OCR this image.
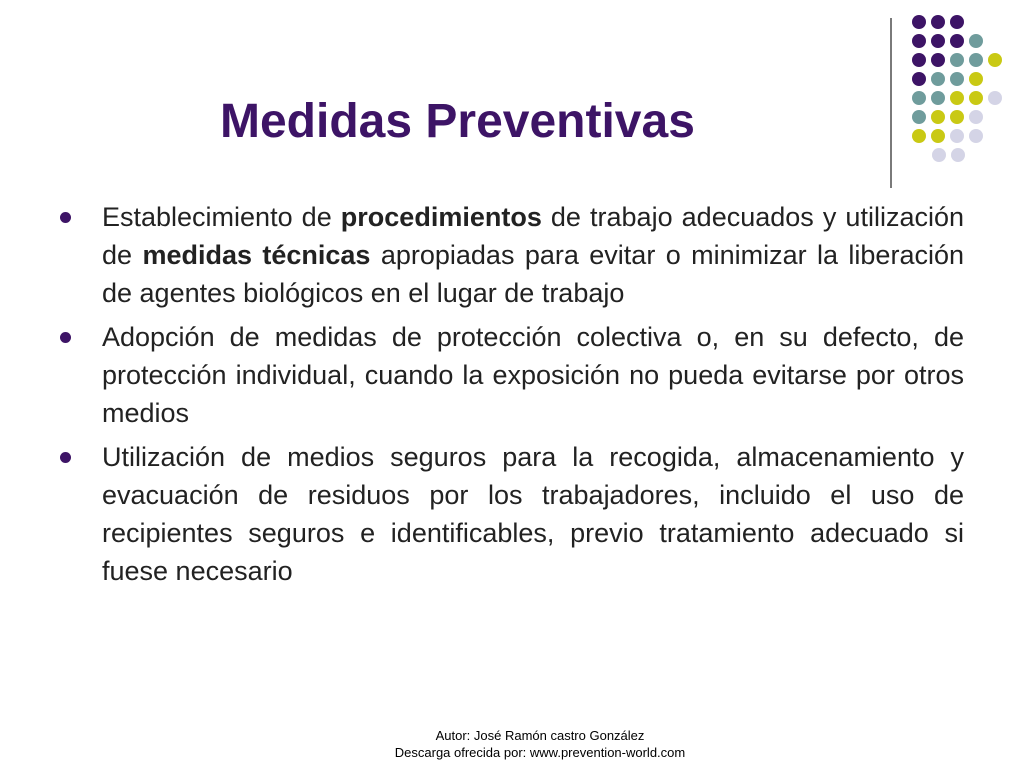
Medidas Preventivas
Establecimiento de procedimientos de trabajo adecuados y utilización de medidas técnicas apropiadas para evitar o minimizar la liberación de agentes biológicos en el lugar de trabajo
Adopción de medidas de protección colectiva o, en su defecto, de protección individual, cuando la exposición no pueda evitarse por otros medios
Utilización de medios seguros para la recogida, almacenamiento y evacuación de residuos por los trabajadores, incluido el uso de recipientes seguros e identificables, previo tratamiento adecuado si fuese necesario
Autor: José Ramón castro González
Descarga ofrecida por: www.prevention-world.com
